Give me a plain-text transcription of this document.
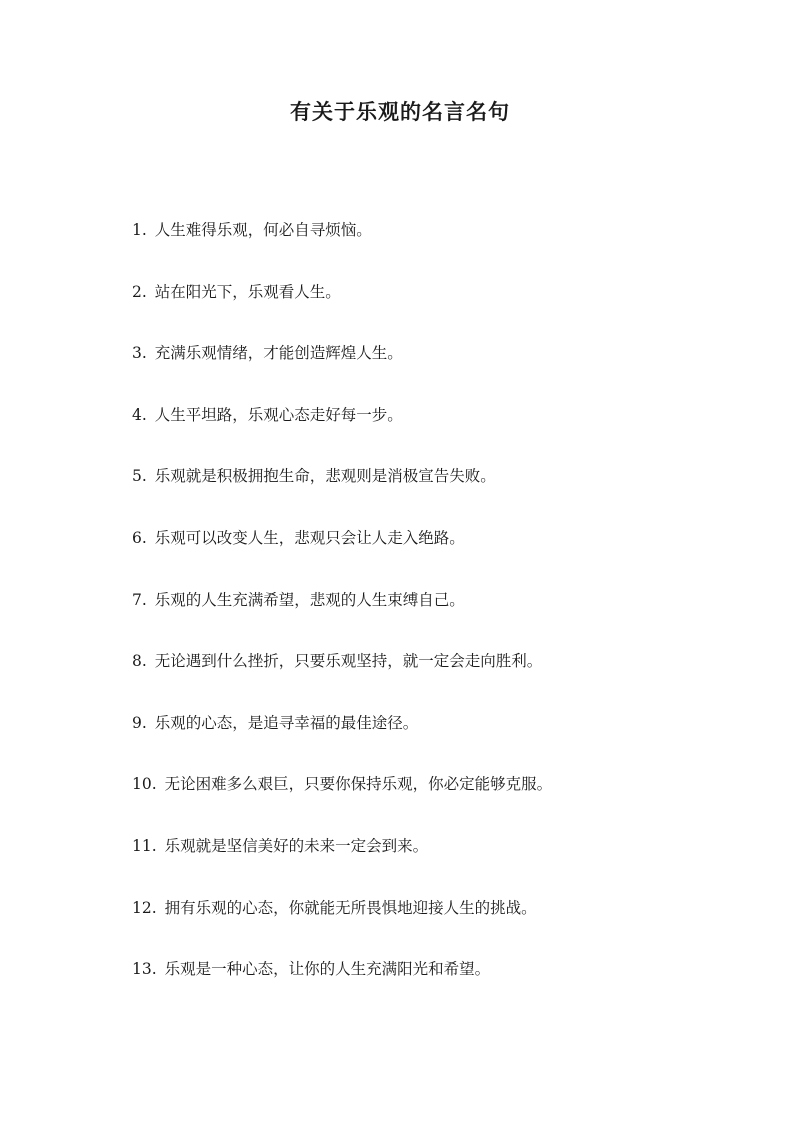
有关于乐观的名言名句
1. 人生难得乐观，何必自寻烦恼。
2. 站在阳光下，乐观看人生。
3. 充满乐观情绪，才能创造辉煌人生。
4. 人生平坦路，乐观心态走好每一步。
5. 乐观就是积极拥抱生命，悲观则是消极宣告失败。
6. 乐观可以改变人生，悲观只会让人走入绝路。
7. 乐观的人生充满希望，悲观的人生束缚自己。
8. 无论遇到什么挫折，只要乐观坚持，就一定会走向胜利。
9. 乐观的心态，是追寻幸福的最佳途径。
10. 无论困难多么艰巨，只要你保持乐观，你必定能够克服。
11. 乐观就是坚信美好的未来一定会到来。
12. 拥有乐观的心态，你就能无所畏惧地迎接人生的挑战。
13. 乐观是一种心态，让你的人生充满阳光和希望。
